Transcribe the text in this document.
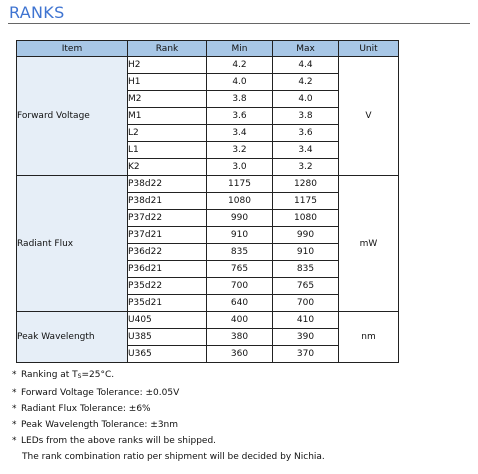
RANKS
Item	Rank	Min	Max	Unit
Forward Voltage	H2	4.2	4.4	V
	H1	4.0	4.2	
	M2	3.8	4.0	
	M1	3.6	3.8	
	L2	3.4	3.6	
	L1	3.2	3.4	
	K2	3.0	3.2	
Radiant Flux	P38d22	1175	1280	mW
	P38d21	1080	1175	
	P37d22	990	1080	
	P37d21	910	990	
	P36d22	835	910	
	P36d21	765	835	
	P35d22	700	765	
	P35d21	640	700	
Peak Wavelength	U405	400	410	nm
	U385	380	390	
	U365	360	370	
* Ranking at $T_S=25^\circ C$.
* Forward Voltage Tolerance: ±0.05V
* Radiant Flux Tolerance: ±6%
* Peak Wavelength Tolerance: ±3nm
* LEDs from the above ranks will be shipped.
The rank combination ratio per shipment will be decided by Nichia.
